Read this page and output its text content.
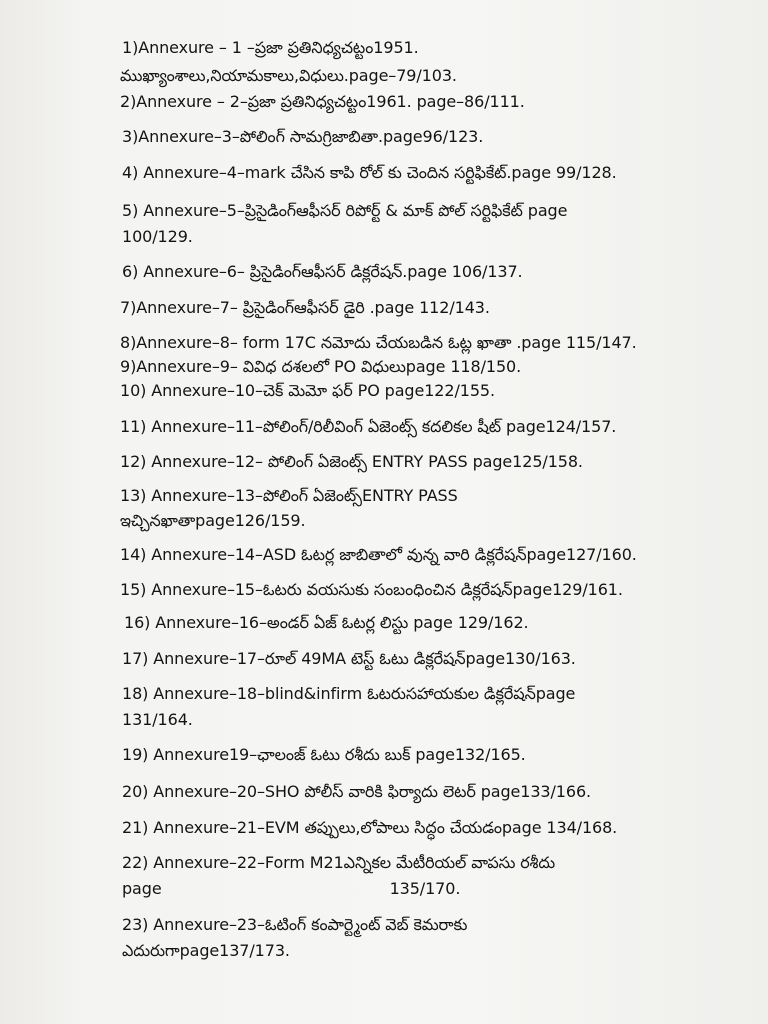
1)Annexure – 1 –ప్రజా ప్రతినిధ్యచట్టం1951.
ముఖ్యాంశాలు,నియామకాలు,విధులు.page–79/103.
2)Annexure – 2–ప్రజా ప్రతినిధ్యచట్టం1961. page–86/111.
3)Annexure–3–పోలింగ్ సామగ్రిజాబితా.page96/123.
4) Annexure–4–mark చేసిన కాపి రోల్ కు చెందిన సర్టిఫికేట్.page 99/128.
5) Annexure–5–ప్రిసైడింగ్ఆఫీసర్ రిపోర్ట్ & మాక్ పోల్ సర్టిఫికేట్ page
100/129.
6) Annexure–6– ప్రిసైడింగ్ఆఫీసర్ డిక్లరేషన్.page 106/137.
7)Annexure–7– ప్రిసైడింగ్ఆఫీసర్ డైరి .page 112/143.
8)Annexure–8– form 17C నమోదు చేయబడిన ఓట్ల ఖాతా .page 115/147.
9)Annexure–9– వివిధ దశలలో PO విధులుpage 118/150.
10) Annexure–10–చెక్ మెమో ఫర్ PO page122/155.
11) Annexure–11–పోలింగ్/రిలీవింగ్ ఏజెంట్స్ కదలికల షీట్ page124/157.
12) Annexure–12– పోలింగ్ ఏజెంట్స్ ENTRY PASS page125/158.
13) Annexure–13–పోలింగ్ ఏజెంట్స్ENTRY PASS
ఇచ్చినఖాతాpage126/159.
14) Annexure–14–ASD ఓటర్ల జాబితాలో వున్న వారి డిక్లరేషన్page127/160.
15) Annexure–15–ఓటరు వయసుకు సంబంధించిన డిక్లరేషన్page129/161.
16) Annexure–16–అండర్ ఏజ్ ఓటర్ల లిస్టు page 129/162.
17) Annexure–17–రూల్ 49MA టెస్ట్ ఓటు డిక్లరేషన్page130/163.
18) Annexure–18–blind&infirm ఓటరుసహాయకుల డిక్లరేషన్page
131/164.
19) Annexure19–ఛాలంజ్ ఓటు రశీదు బుక్ page132/165.
20) Annexure–20–SHO పోలీస్ వారికి ఫిర్యాదు లెటర్ page133/166.
21) Annexure–21–EVM తప్పులు,లోపాలు సిద్ధం చేయడంpage 134/168.
22) Annexure–22–Form M21ఎన్నికల మేటీరియల్ వాపసు రశీదు
page	135/170.
23) Annexure–23–ఓటింగ్ కంపార్ట్మెంట్ వెబ్ కెమరాకు
ఎదురుగాpage137/173.
